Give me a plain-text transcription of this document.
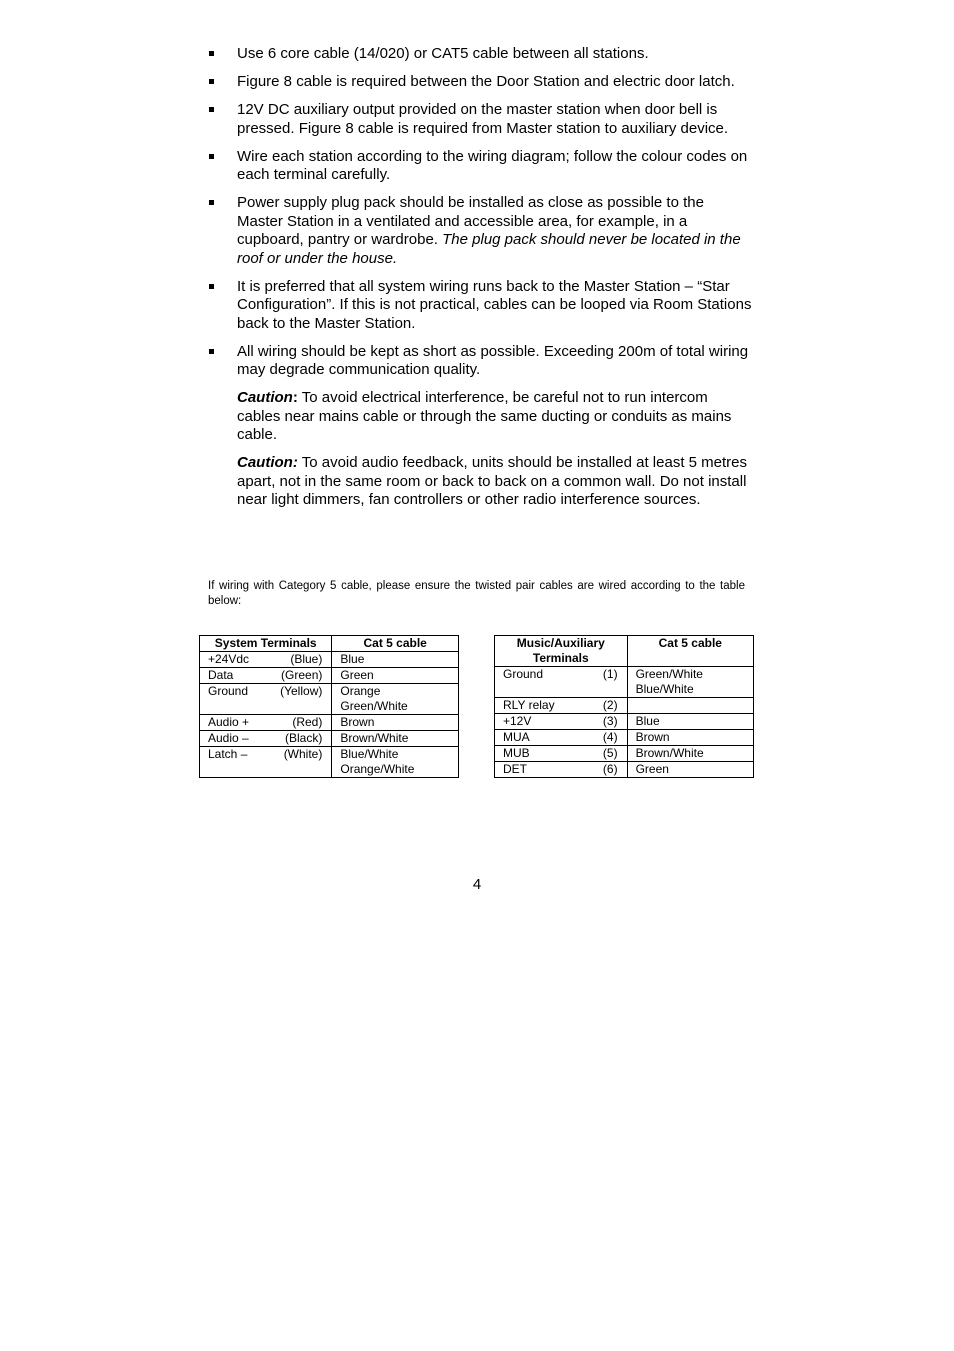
Use 6 core cable (14/020) or CAT5 cable between all stations.
Figure 8 cable is required between the Door Station and electric door latch.
12V DC auxiliary output provided on the master station when door bell is pressed. Figure 8 cable is required from Master station to auxiliary device.
Wire each station according to the wiring diagram; follow the colour codes on each terminal carefully.
Power supply plug pack should be installed as close as possible to the Master Station in a ventilated and accessible area, for example, in a cupboard, pantry or wardrobe. The plug pack should never be located in the roof or under the house.
It is preferred that all system wiring runs back to the Master Station – “Star Configuration”. If this is not practical, cables can be looped via Room Stations back to the Master Station.
All wiring should be kept as short as possible. Exceeding 200m of total wiring may degrade communication quality.
Caution: To avoid electrical interference, be careful not to run intercom cables near mains cable or through the same ducting or conduits as mains cable.
Caution: To avoid audio feedback, units should be installed at least 5 metres apart, not in the same room or back to back on a common wall. Do not install near light dimmers, fan controllers or other radio interference sources.
If wiring with Category 5 cable, please ensure the twisted pair cables are wired according to the table below:
System Terminals	Cat 5 cable
+24Vdc (Blue)	Blue

Data (Green)	Green

Ground (Yellow)	Orange
Green/White

Audio + (Red)	Brown

Audio – (Black)	Brown/White

Latch – (White)	Blue/White
Orange/White
Music/Auxiliary Terminals	Cat 5 cable
Ground (1)	Green/White
Blue/White

RLY relay (2)	

+12V (3)	Blue

MUA (4)	Brown

MUB (5)	Brown/White

DET (6)	Green
4
